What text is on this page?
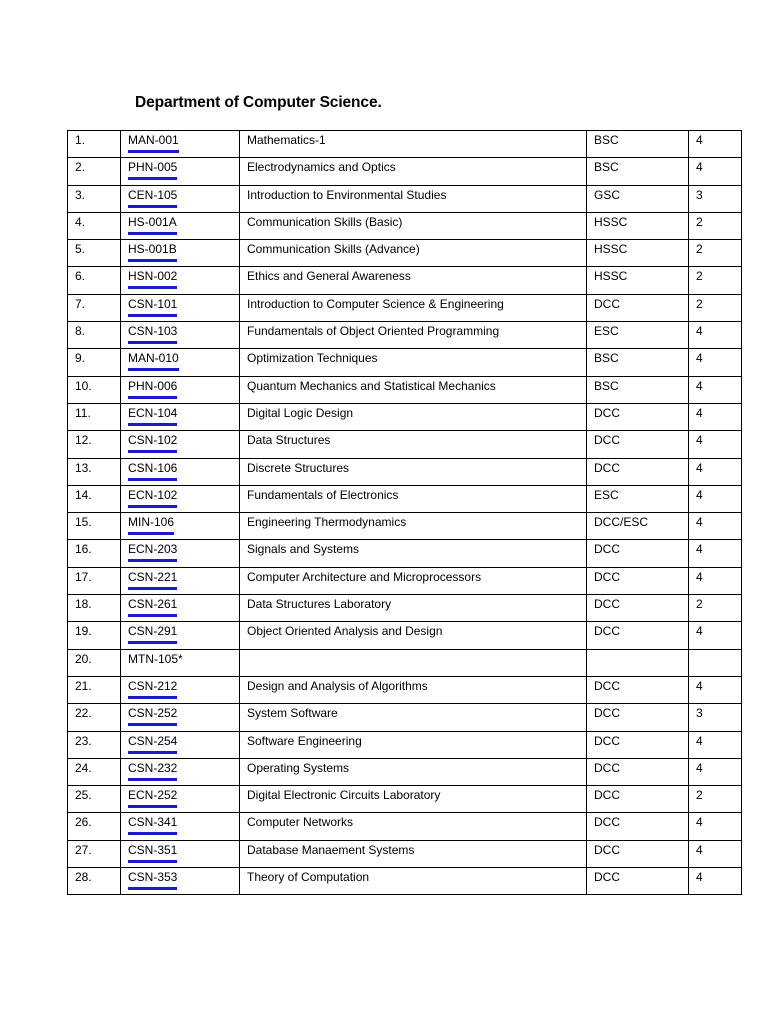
Department of Computer Science.
1.	MAN-001	Mathematics-1	BSC	4
2.	PHN-005	Electrodynamics and Optics	BSC	4
3.	CEN-105	Introduction to Environmental Studies	GSC	3
4.	HS-001A	Communication Skills (Basic)	HSSC	2
5.	HS-001B	Communication Skills (Advance)	HSSC	2
6.	HSN-002	Ethics and General Awareness	HSSC	2
7.	CSN-101	Introduction to Computer Science & Engineering	DCC	2
8.	CSN-103	Fundamentals of Object Oriented Programming	ESC	4
9.	MAN-010	Optimization Techniques	BSC	4
10.	PHN-006	Quantum Mechanics and Statistical Mechanics	BSC	4
11.	ECN-104	Digital Logic Design	DCC	4
12.	CSN-102	Data Structures	DCC	4
13.	CSN-106	Discrete Structures	DCC	4
14.	ECN-102	Fundamentals of Electronics	ESC	4
15.	MIN-106	Engineering Thermodynamics	DCC/ESC	4
16.	ECN-203	Signals and Systems	DCC	4
17.	CSN-221	Computer Architecture and Microprocessors	DCC	4
18.	CSN-261	Data Structures Laboratory	DCC	2
19.	CSN-291	Object Oriented Analysis and Design	DCC	4
20.	MTN-105*			
21.	CSN-212	Design and Analysis of Algorithms	DCC	4
22.	CSN-252	System Software	DCC	3
23.	CSN-254	Software Engineering	DCC	4
24.	CSN-232	Operating Systems	DCC	4
25.	ECN-252	Digital Electronic Circuits Laboratory	DCC	2
26.	CSN-341	Computer Networks	DCC	4
27.	CSN-351	Database Manaement Systems	DCC	4
28.	CSN-353	Theory of Computation	DCC	4
